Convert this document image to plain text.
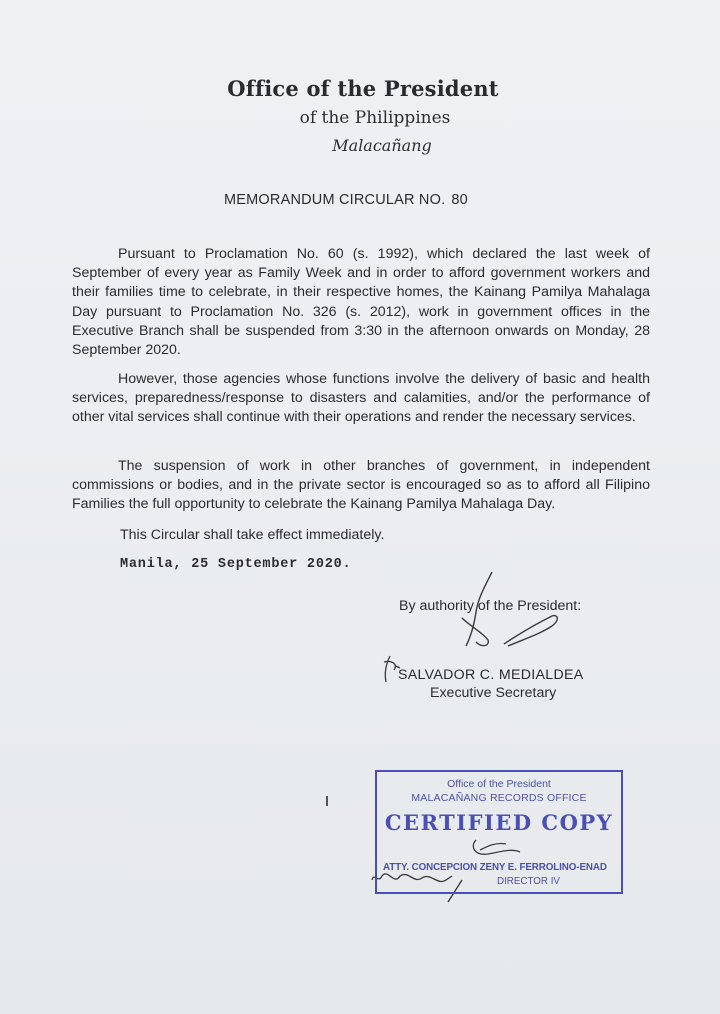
Office of the President
of the Philippines
Malacañang
MEMORANDUM CIRCULAR NO. 80

Pursuant to Proclamation No. 60 (s. 1992), which declared the last week of September of every year as Family Week and in order to afford government workers and their families time to celebrate, in their respective homes, the Kainang Pamilya Mahalaga Day pursuant to Proclamation No. 326 (s. 2012), work in government offices in the Executive Branch shall be suspended from 3:30 in the afternoon onwards on Monday, 28 September 2020.

However, those agencies whose functions involve the delivery of basic and health services, preparedness/response to disasters and calamities, and/or the performance of other vital services shall continue with their operations and render the necessary services.

The suspension of work in other branches of government, in independent commissions or bodies, and in the private sector is encouraged so as to afford all Filipino Families the full opportunity to celebrate the Kainang Pamilya Mahalaga Day.

This Circular shall take effect immediately.
Manila, 25 September 2020.
By authority of the President:
SALVADOR C. MEDIALDEA
Executive Secretary
Office of the President
MALACAÑANG RECORDS OFFICE
CERTIFIED COPY
ATTY. CONCEPCION ZENY E. FERROLINO-ENAD
DIRECTOR IV
